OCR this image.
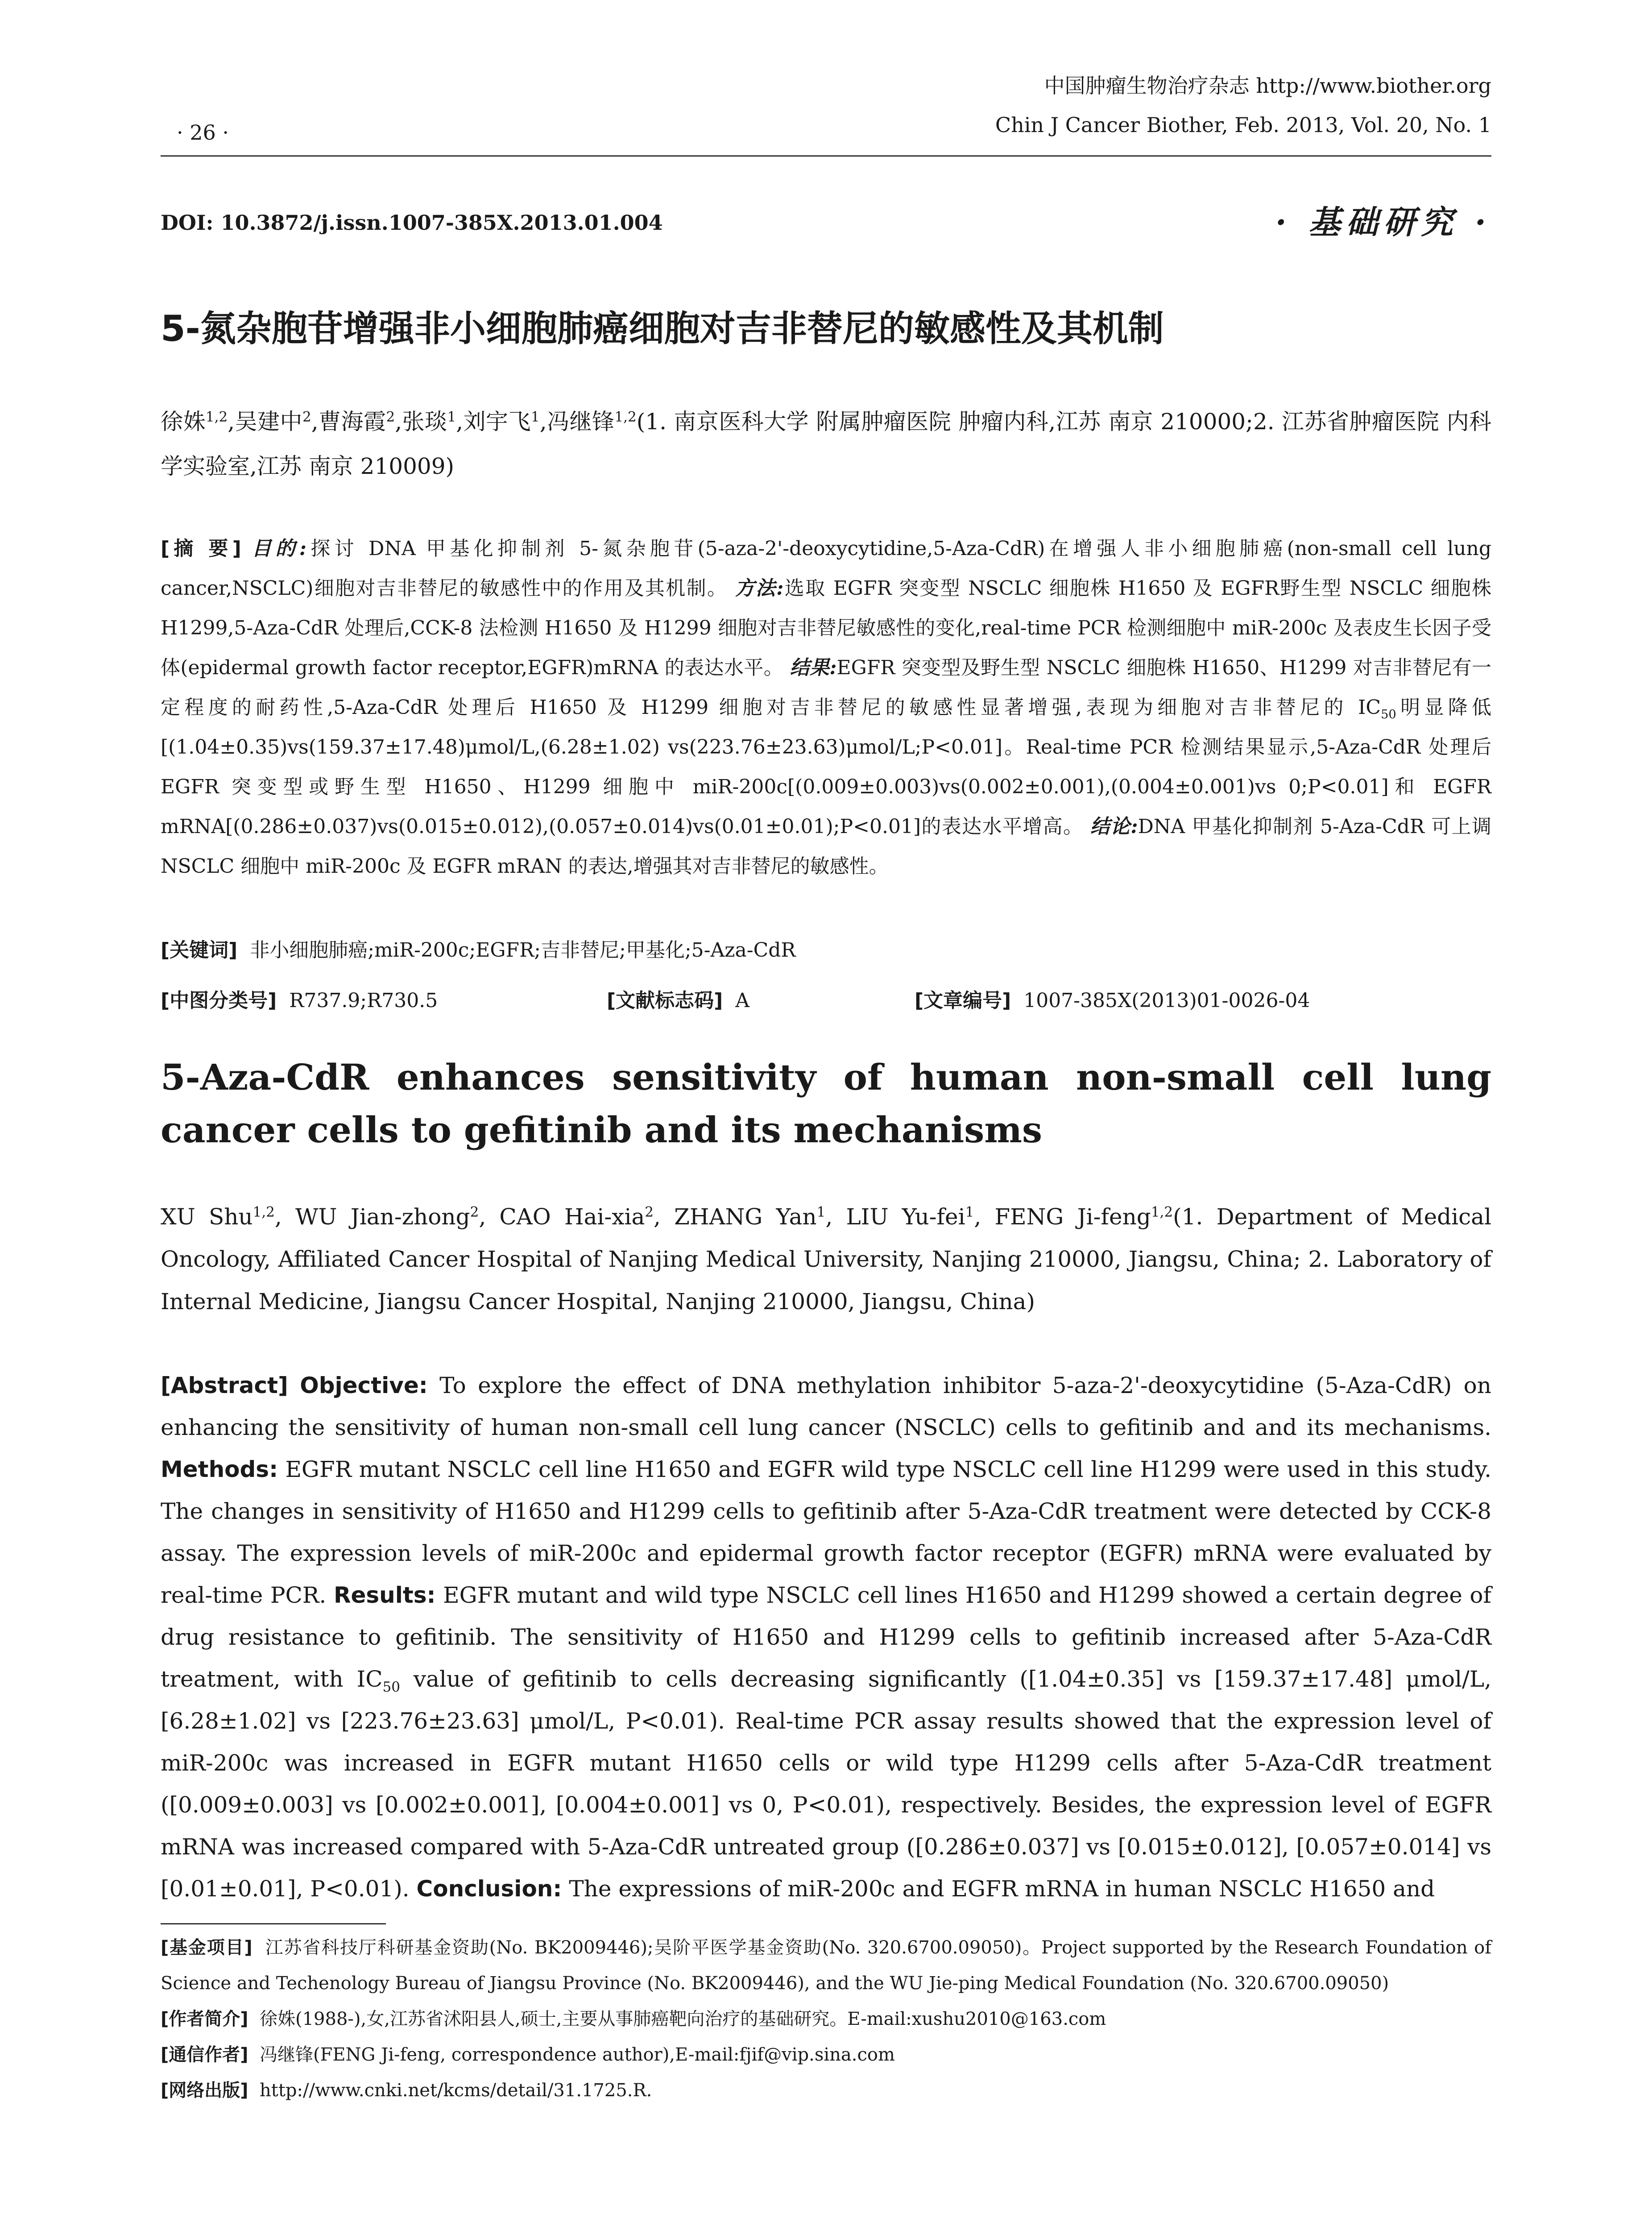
中国肿瘤生物治疗杂志 http://www.biother.org
Chin J Cancer Biother, Feb. 2013, Vol. 20, No. 1
· 26 ·
DOI: 10.3872/j.issn.1007-385X.2013.01.004	· 基础研究 ·
5-氮杂胞苷增强非小细胞肺癌细胞对吉非替尼的敏感性及其机制
徐姝$^{1,2}$,吴建中$^2$,曹海霞$^2$,张琰$^1$,刘宇飞$^1$,冯继锋$^{1,2}$(1. 南京医科大学 附属肿瘤医院 肿瘤内科,江苏 南京 210000;2. 江苏省肿瘤医院 内科学实验室,江苏 南京 210009)
[摘 要] 目的:探讨 DNA 甲基化抑制剂 5-氮杂胞苷(5-aza-2'-deoxycytidine,5-Aza-CdR)在增强人非小细胞肺癌(non-small cell lung cancer,NSCLC)细胞对吉非替尼的敏感性中的作用及其机制。 方法:选取 EGFR 突变型 NSCLC 细胞株 H1650 及 EGFR野生型 NSCLC 细胞株 H1299,5-Aza-CdR 处理后,CCK-8 法检测 H1650 及 H1299 细胞对吉非替尼敏感性的变化,real-time PCR 检测细胞中 miR-200c 及表皮生长因子受体(epidermal growth factor receptor,EGFR)mRNA 的表达水平。 结果:EGFR 突变型及野生型 NSCLC 细胞株 H1650、H1299 对吉非替尼有一定程度的耐药性,5-Aza-CdR 处理后 H1650 及 H1299 细胞对吉非替尼的敏感性显著增强,表现为细胞对吉非替尼的 $IC_{50}$明显降低[(1.04±0.35)vs(159.37±17.48)μmol/L,(6.28±1.02) vs(223.76±23.63)μmol/L;P<0.01]。Real-time PCR 检测结果显示,5-Aza-CdR 处理后 EGFR 突变型或野生型 H1650、H1299 细胞中 miR-200c[(0.009±0.003)vs(0.002±0.001),(0.004±0.001)vs 0;P<0.01]和 EGFR mRNA[(0.286±0.037)vs(0.015±0.012),(0.057±0.014)vs(0.01±0.01);P<0.01]的表达水平增高。 结论:DNA 甲基化抑制剂 5-Aza-CdR 可上调 NSCLC 细胞中 miR-200c 及 EGFR mRAN 的表达,增强其对吉非替尼的敏感性。
[关键词] 非小细胞肺癌;miR-200c;EGFR;吉非替尼;甲基化;5-Aza-CdR
[中图分类号] R737.9;R730.5	[文献标志码] A	[文章编号] 1007-385X(2013)01-0026-04
5-Aza-CdR enhances sensitivity of human non-small cell lung cancer cells to gefitinib and its mechanisms
XU Shu$^{1,2}$, WU Jian-zhong$^2$, CAO Hai-xia$^2$, ZHANG Yan$^1$, LIU Yu-fei$^1$, FENG Ji-feng$^{1,2}$(1. Department of Medical Oncology, Affiliated Cancer Hospital of Nanjing Medical University, Nanjing 210000, Jiangsu, China; 2. Laboratory of Internal Medicine, Jiangsu Cancer Hospital, Nanjing 210000, Jiangsu, China)
[Abstract] Objective: To explore the effect of DNA methylation inhibitor 5-aza-2'-deoxycytidine (5-Aza-CdR) on enhancing the sensitivity of human non-small cell lung cancer (NSCLC) cells to gefitinib and and its mechanisms. Methods: EGFR mutant NSCLC cell line H1650 and EGFR wild type NSCLC cell line H1299 were used in this study. The changes in sensitivity of H1650 and H1299 cells to gefitinib after 5-Aza-CdR treatment were detected by CCK-8 assay. The expression levels of miR-200c and epidermal growth factor receptor (EGFR) mRNA were evaluated by real-time PCR. Results: EGFR mutant and wild type NSCLC cell lines H1650 and H1299 showed a certain degree of drug resistance to gefitinib. The sensitivity of H1650 and H1299 cells to gefitinib increased after 5-Aza-CdR treatment, with $IC_{50}$ value of gefitinib to cells decreasing significantly ([1.04±0.35] vs [159.37±17.48] μmol/L, [6.28±1.02] vs [223.76±23.63] μmol/L, P<0.01). Real-time PCR assay results showed that the expression level of miR-200c was increased in EGFR mutant H1650 cells or wild type H1299 cells after 5-Aza-CdR treatment ([0.009±0.003] vs [0.002±0.001], [0.004±0.001] vs 0, P<0.01), respectively. Besides, the expression level of EGFR mRNA was increased compared with 5-Aza-CdR untreated group ([0.286±0.037] vs [0.015±0.012], [0.057±0.014] vs [0.01±0.01], P<0.01). Conclusion: The expressions of miR-200c and EGFR mRNA in human NSCLC H1650 and

[基金项目] 江苏省科技厅科研基金资助(No. BK2009446);吴阶平医学基金资助(No. 320.6700.09050)。Project supported by the Research Foundation of Science and Techenology Bureau of Jiangsu Province (No. BK2009446), and the WU Jie-ping Medical Foundation (No. 320.6700.09050)

[作者简介] 徐姝(1988-),女,江苏省沭阳县人,硕士,主要从事肺癌靶向治疗的基础研究。E-mail:xushu2010@163.com

[通信作者] 冯继锋(FENG Ji-feng, correspondence author),E-mail:fjif@vip.sina.com

[网络出版] http://www.cnki.net/kcms/detail/31.1725.R.
